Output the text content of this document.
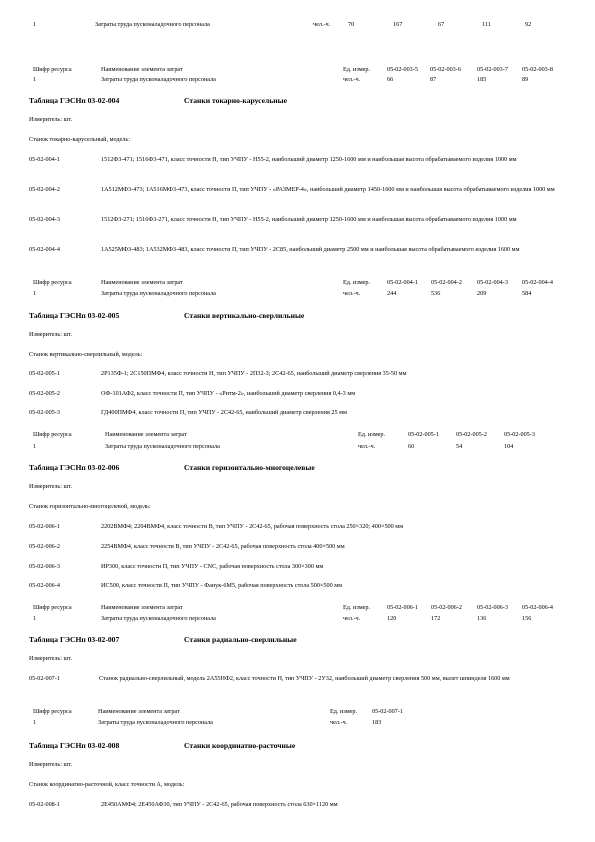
1	Затраты труда пусконаладочного персонала	чел.-ч.	70	167	67	111	92
Шифр ресурса	Наименование элемента затрат	Ед. измер.	05-02-003-5 05-02-003-6	05-02-003-7 05-02-003-8
1	Затраты труда пусконаладочного персонала	чел.-ч.	66	87	185	89
Таблица ГЭСНп 03-02-004	Станки токарно-карусельные
Измеритель: шт.
Станок токарно-карусельный, модель:
05-02-004-1	1512Ф3-471; 1516Ф3-471, класс точности Н, тип УЧПУ - Н55-2, наибольший диаметр 1250-1600 мм и наибольшая высота обрабатываемого изделия 1000 мм
05-02-004-2	1А512МФ3-473; 1А516МФ3-473, класс точности П, тип УЧПУ - «РАЗМЕР-4», наибольший диаметр 1450-1600 мм и наибольшая высота обрабатываемого изделия 1000 мм
05-02-004-3	1512Ф3-271; 1516Ф3-271, класс точности Н, тип УЧПУ - Н55-2, наибольший диаметр 1250-1600 мм и наибольшая высота обрабатываемого изделия 1000 мм
05-02-004-4	1А525МФ3-483; 1А532МФ3-483, класс точности П, тип УЧПУ - 2С85, наибольший диаметр 2500 мм и наибольшая высота обрабатываемого изделия 1600 мм
Шифр ресурса	Наименование элемента затрат	Ед. измер.	05-02-004-1 05-02-004-2 05-02-004-3 05-02-004-4
1	Затраты труда пусконаладочного персонала	чел.-ч.	244	536	209	584
Таблица ГЭСНп 03-02-005	Станки вертикально-сверлильные
Измеритель: шт.
Станок вертикально-сверлильный, модель:
05-02-005-1	2Р135Ф-1; 2С150ПМФ4, класс точности Н, тип УЧПУ - 2П32-3; 2С42-65, наибольший диаметр сверления 35-50 мм
05-02-005-2	ОФ-101АФ2, класс точности П, тип УЧПУ - «Ритм-2», наибольший диаметр сверления 0,4-3 мм
05-02-005-3	ГД400ПМФ4, класс точности П, тип УЧПУ - 2С42-65, наибольший диаметр сверления 25 мм
Шифр ресурса	Наименование элемента затрат	Ед. измер.	05-02-005-1	05-02-005-2	05-02-005-3
1	Затраты труда пусконаладочного персонала	чел.-ч.	60	54	104
Таблица ГЭСНп 03-02-006	Станки горизонтально-многоцелевые
Измеритель: шт.
Станок горизонтально-многоцелевой, модель:
05-02-006-1	2202ВМФ4; 2204ВМФ4, класс точности В, тип УЧПУ - 2С42-65, рабочая поверхность стола 250×320; 400×500 мм
05-02-006-2	2254ВМФ4, класс точности В, тип УЧПУ - 2С42-65, рабочая поверхность стола 400×500 мм
05-02-006-3	ИР300, класс точности П, тип УЧПУ - CNC, рабочая поверхность стола 300×300 мм
05-02-006-4	ИС500, класс точности П, тип УЧПУ - Фанук-6М5, рабочая поверхность стола 500×500 мм
Шифр ресурса	Наименование элемента затрат	Ед. измер.	05-02-006-1 05-02-006-2 05-02-006-3 05-02-006-4
1	Затраты труда пусконаладочного персонала	чел.-ч.	120	172	136	156
Таблица ГЭСНп 03-02-007	Станки радиально-сверлильные
Измеритель: шт.
05-02-007-1	Станок радиально-сверлильный, модель 2А55НФ2, класс точности Н, тип УЧПУ - 2У32, наибольший диаметр сверления 500 мм, вылет шпинделя 1600 мм
Шифр ресурса	Наименование элемента затрат	Ед. измер. 05-02-007-1
1	Затраты труда пусконаладочного персонала	чел.-ч.	183
Таблица ГЭСНп 03-02-008	Станки координатно-расточные
Измеритель: шт.
Станок координатно-расточной, класс точности А, модель:
05-02-008-1	2Е450АМФ4; 2Е450АФ30, тип УЧПУ - 2С42-65, рабочая поверхность стола 630×1120 мм
